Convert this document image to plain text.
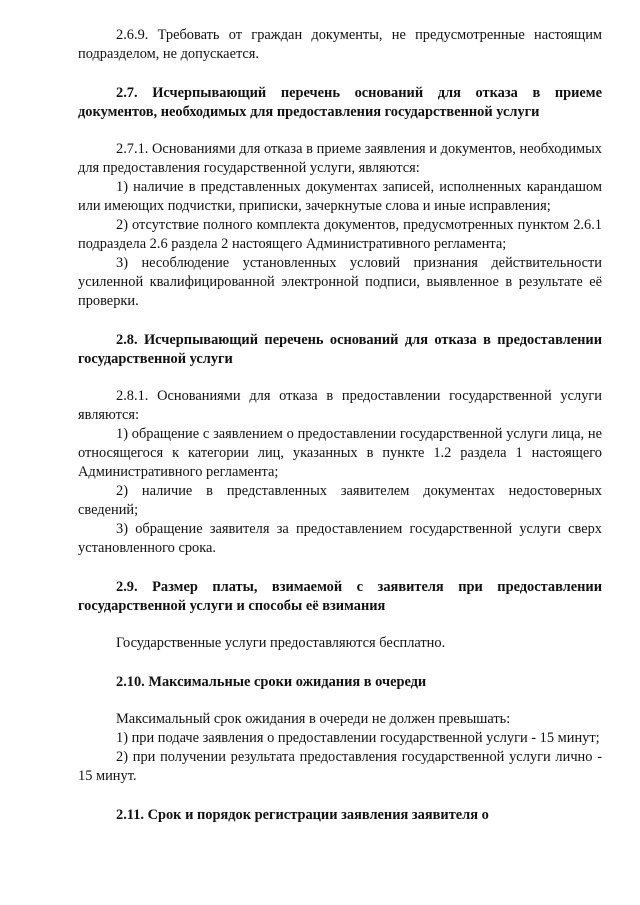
2.6.9. Требовать от граждан документы, не предусмотренные настоящим подразделом, не допускается.

2.7. Исчерпывающий перечень оснований для отказа в приеме документов, необходимых для предоставления государственной услуги

2.7.1. Основаниями для отказа в приеме заявления и документов, необходимых для предоставления государственной услуги, являются:

1) наличие в представленных документах записей, исполненных карандашом или имеющих подчистки, приписки, зачеркнутые слова и иные исправления;

2) отсутствие полного комплекта документов, предусмотренных пунктом 2.6.1 подраздела 2.6 раздела 2 настоящего Административного регламента;

3) несоблюдение установленных условий признания действительности усиленной квалифицированной электронной подписи, выявленное в результате её проверки.

2.8. Исчерпывающий перечень оснований для отказа в предоставлении государственной услуги

2.8.1. Основаниями для отказа в предоставлении государственной услуги являются:

1) обращение с заявлением о предоставлении государственной услуги лица, не относящегося к категории лиц, указанных в пункте 1.2 раздела 1 настоящего Административного регламента;

2) наличие в представленных заявителем документах недостоверных сведений;

3) обращение заявителя за предоставлением государственной услуги сверх установленного срока.

2.9. Размер платы, взимаемой с заявителя при предоставлении государственной услуги и способы её взимания

Государственные услуги предоставляются бесплатно.

2.10. Максимальные сроки ожидания в очереди

Максимальный срок ожидания в очереди не должен превышать:

1) при подаче заявления о предоставлении государственной услуги - 15 минут;

2) при получении результата предоставления государственной услуги лично - 15 минут.

2.11. Срок и порядок регистрации заявления заявителя о
